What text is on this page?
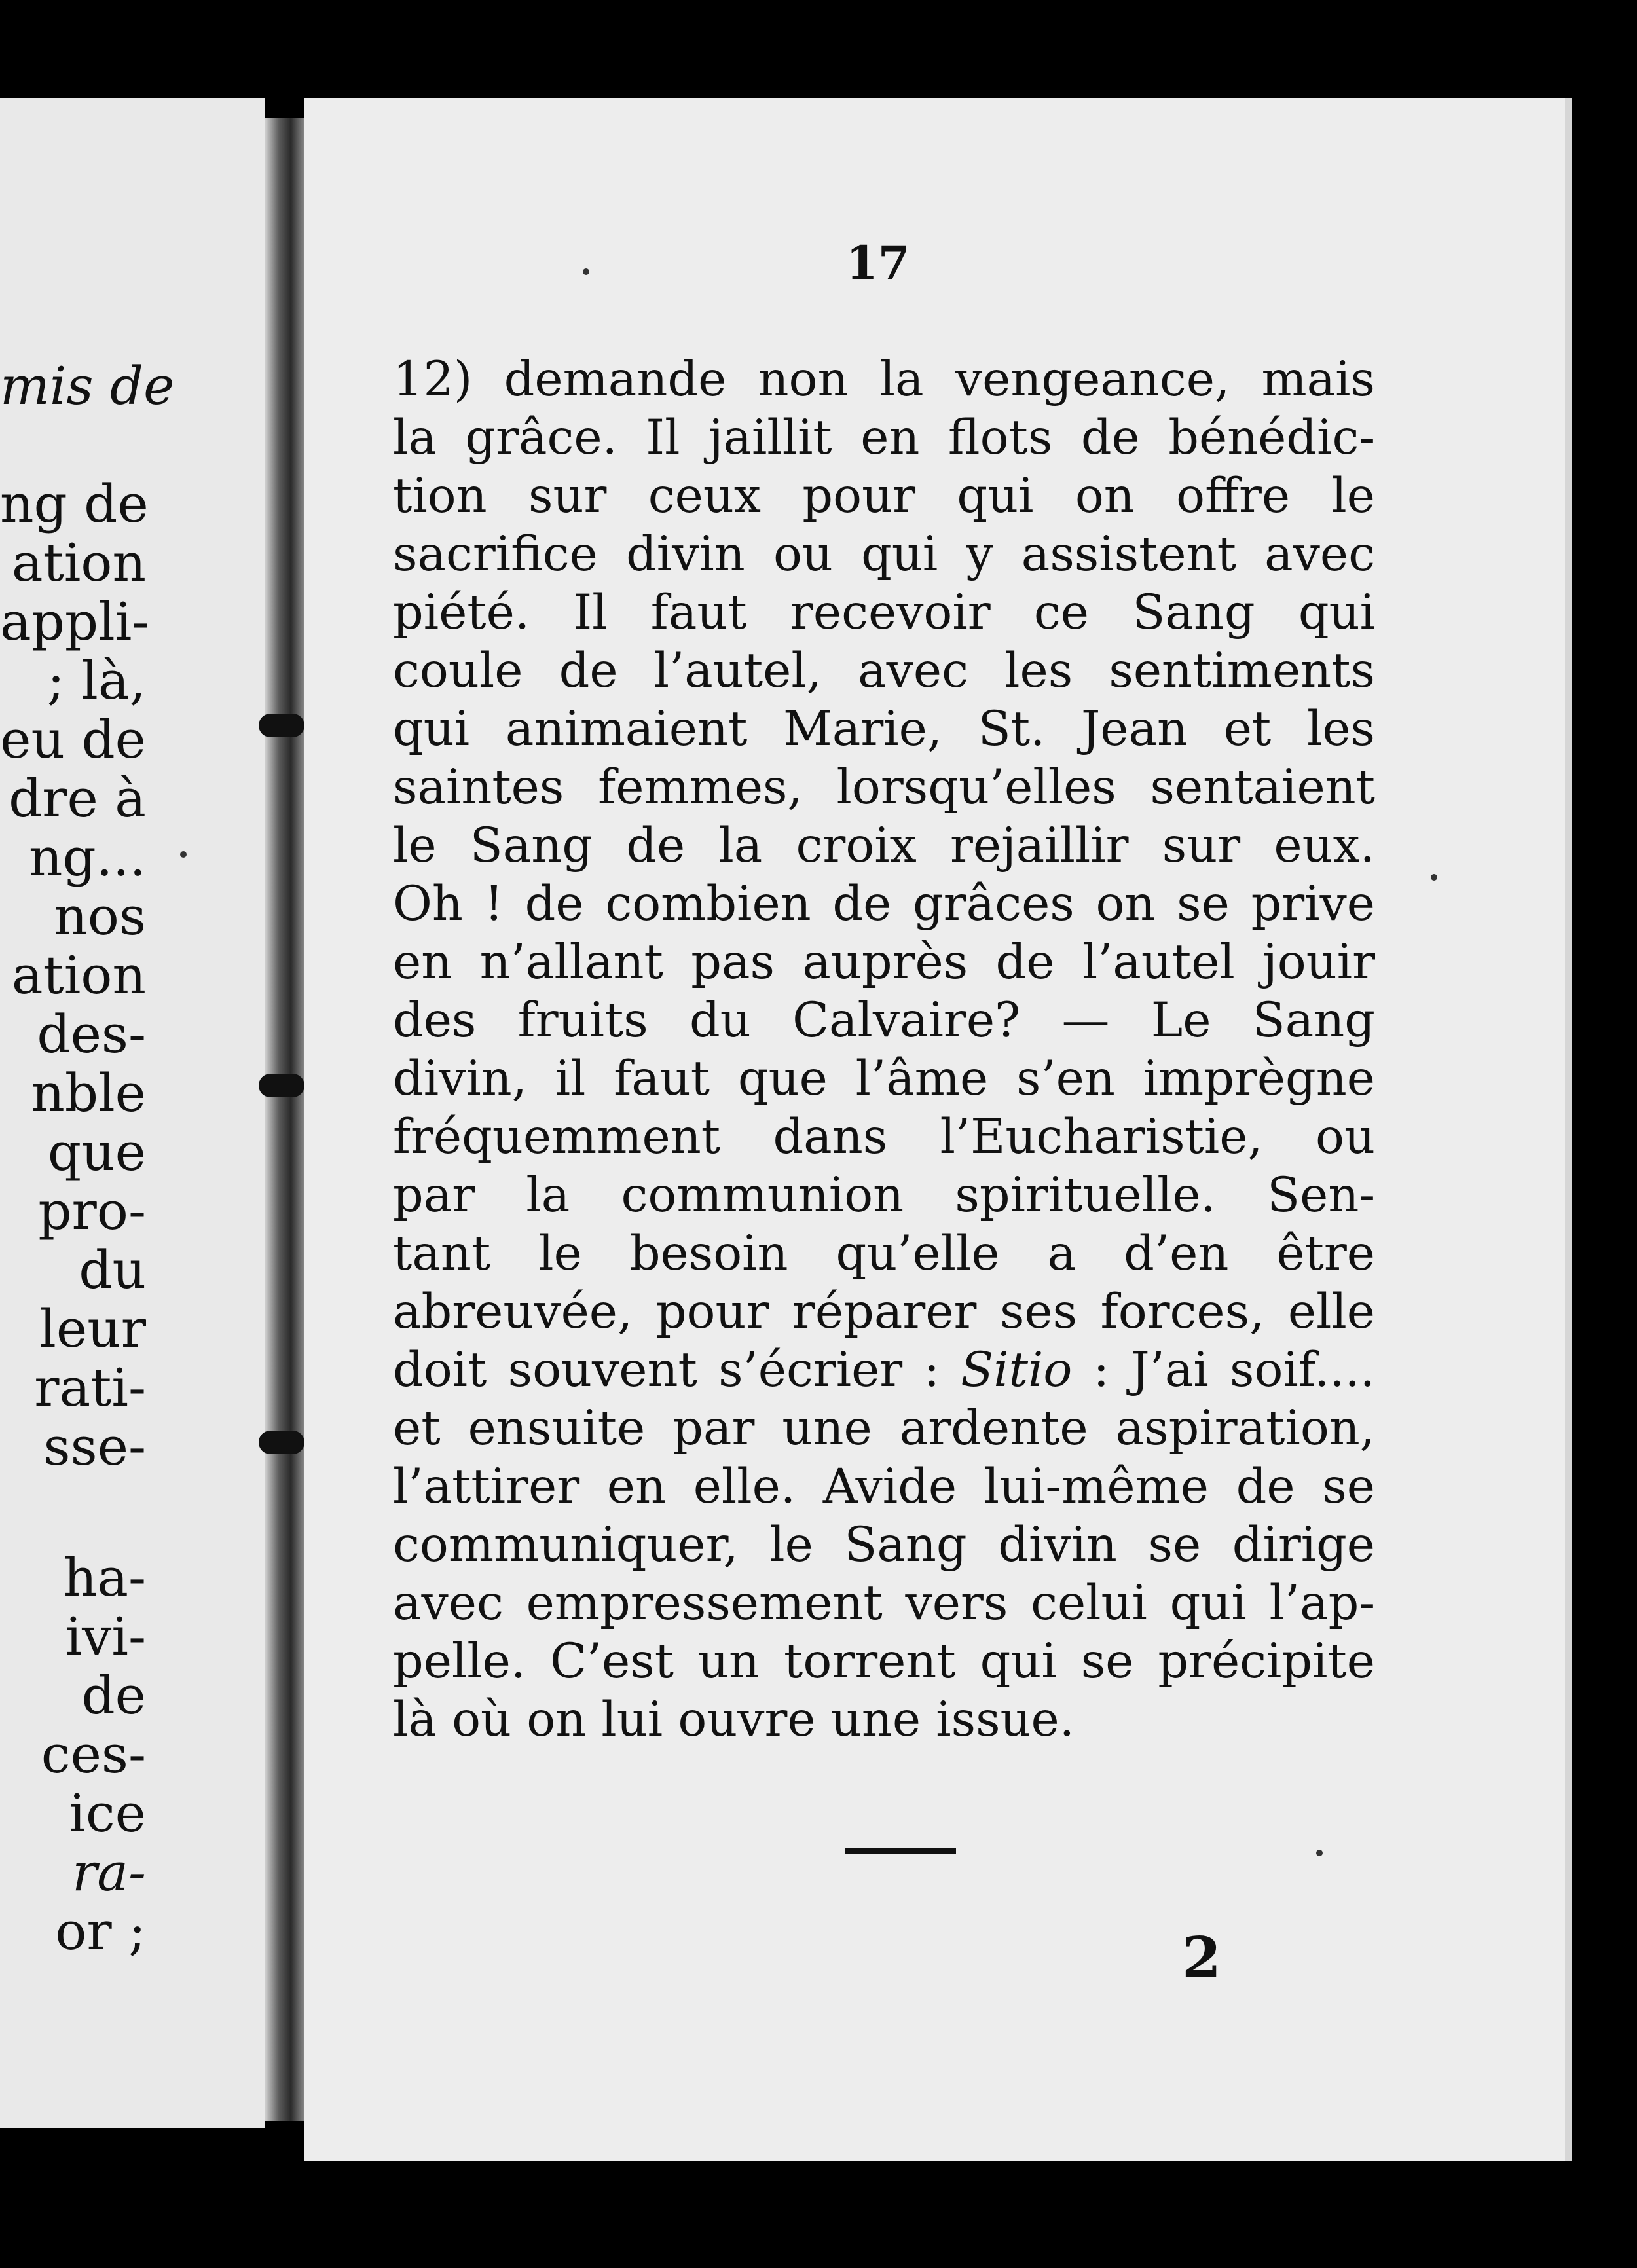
mis de
ng de
ation
appli-
; là,
eu de
dre à
ng...
nos
ation
des-
nble
que
pro-
du
leur
rati-
sse-
ha-
ivi-
de
ces-
ice
ra-
or ;
17
12) demande non la vengeance, mais
la grâce. Il jaillit en flots de bénédic-
tion sur ceux pour qui on offre le
sacrifice divin ou qui y assistent avec
piété. Il faut recevoir ce Sang qui
coule de l’autel, avec les sentiments
qui animaient Marie, St. Jean et les
saintes femmes, lorsqu’elles sentaient
le Sang de la croix rejaillir sur eux.
Oh ! de combien de grâces on se prive
en n’allant pas auprès de l’autel jouir
des fruits du Calvaire? — Le Sang
divin, il faut que l’âme s’en imprègne
fréquemment dans l’Eucharistie, ou
par la communion spirituelle. Sen-
tant le besoin qu’elle a d’en être
abreuvée, pour réparer ses forces, elle
doit souvent s’écrier : Sitio : J’ai soif....
et ensuite par une ardente aspiration,
l’attirer en elle. Avide lui-même de se
communiquer, le Sang divin se dirige
avec empressement vers celui qui l’ap-
pelle. C’est un torrent qui se précipite
là où on lui ouvre une issue.
2
